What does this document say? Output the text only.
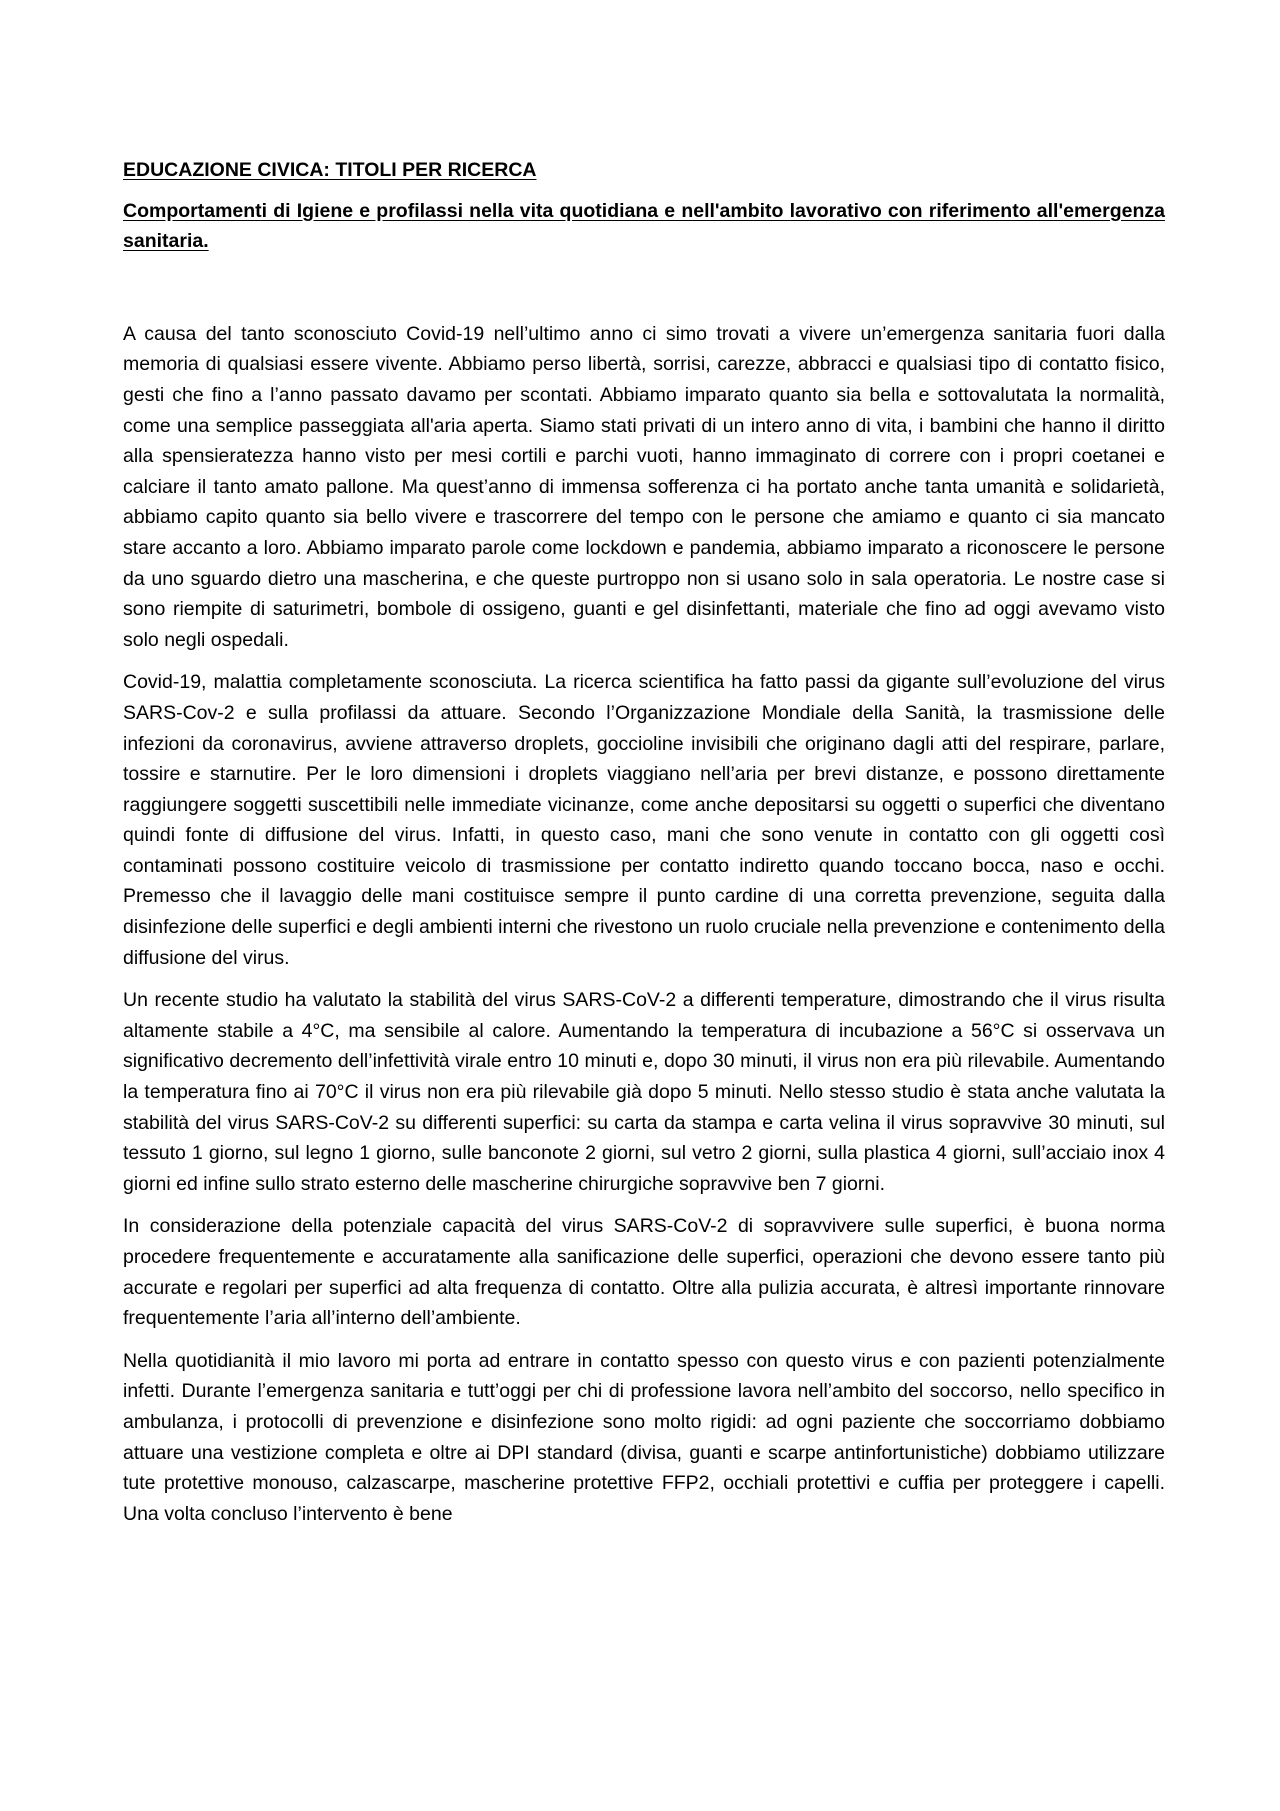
EDUCAZIONE CIVICA: TITOLI PER RICERCA
Comportamenti di Igiene e profilassi nella vita quotidiana e nell'ambito lavorativo con riferimento all'emergenza sanitaria.

A causa del tanto sconosciuto Covid-19 nell’ultimo anno ci simo trovati a vivere un’emergenza sanitaria fuori dalla memoria di qualsiasi essere vivente. Abbiamo perso libertà, sorrisi, carezze, abbracci e qualsiasi tipo di contatto fisico, gesti che fino a l’anno passato davamo per scontati. Abbiamo imparato quanto sia bella e sottovalutata la normalità, come una semplice passeggiata all'aria aperta. Siamo stati privati di un intero anno di vita, i bambini che hanno il diritto alla spensieratezza hanno visto per mesi cortili e parchi vuoti, hanno immaginato di correre con i propri coetanei e calciare il tanto amato pallone. Ma quest’anno di immensa sofferenza ci ha portato anche tanta umanità e solidarietà, abbiamo capito quanto sia bello vivere e trascorrere del tempo con le persone che amiamo e quanto ci sia mancato stare accanto a loro. Abbiamo imparato parole come lockdown e pandemia, abbiamo imparato a riconoscere le persone da uno sguardo dietro una mascherina, e che queste purtroppo non si usano solo in sala operatoria. Le nostre case si sono riempite di saturimetri, bombole di ossigeno, guanti e gel disinfettanti, materiale che fino ad oggi avevamo visto solo negli ospedali.

Covid-19, malattia completamente sconosciuta. La ricerca scientifica ha fatto passi da gigante sull’evoluzione del virus SARS-Cov-2 e sulla profilassi da attuare. Secondo l’Organizzazione Mondiale della Sanità, la trasmissione delle infezioni da coronavirus, avviene attraverso droplets, goccioline invisibili che originano dagli atti del respirare, parlare, tossire e starnutire. Per le loro dimensioni i droplets viaggiano nell’aria per brevi distanze, e possono direttamente raggiungere soggetti suscettibili nelle immediate vicinanze, come anche depositarsi su oggetti o superfici che diventano quindi fonte di diffusione del virus. Infatti, in questo caso, mani che sono venute in contatto con gli oggetti così contaminati possono costituire veicolo di trasmissione per contatto indiretto quando toccano bocca, naso e occhi. Premesso che il lavaggio delle mani costituisce sempre il punto cardine di una corretta prevenzione, seguita dalla disinfezione delle superfici e degli ambienti interni che rivestono un ruolo cruciale nella prevenzione e contenimento della diffusione del virus.

Un recente studio ha valutato la stabilità del virus SARS-CoV-2 a differenti temperature, dimostrando che il virus risulta altamente stabile a 4°C, ma sensibile al calore. Aumentando la temperatura di incubazione a 56°C si osservava un significativo decremento dell’infettività virale entro 10 minuti e, dopo 30 minuti, il virus non era più rilevabile. Aumentando la temperatura fino ai 70°C il virus non era più rilevabile già dopo 5 minuti. Nello stesso studio è stata anche valutata la stabilità del virus SARS-CoV-2 su differenti superfici: su carta da stampa e carta velina il virus sopravvive 30 minuti, sul tessuto 1 giorno, sul legno 1 giorno, sulle banconote 2 giorni, sul vetro 2 giorni, sulla plastica 4 giorni, sull’acciaio inox 4 giorni ed infine sullo strato esterno delle mascherine chirurgiche sopravvive ben 7 giorni.

In considerazione della potenziale capacità del virus SARS-CoV-2 di sopravvivere sulle superfici, è buona norma procedere frequentemente e accuratamente alla sanificazione delle superfici, operazioni che devono essere tanto più accurate e regolari per superfici ad alta frequenza di contatto. Oltre alla pulizia accurata, è altresì importante rinnovare frequentemente l’aria all’interno dell’ambiente.

Nella quotidianità il mio lavoro mi porta ad entrare in contatto spesso con questo virus e con pazienti potenzialmente infetti. Durante l’emergenza sanitaria e tutt’oggi per chi di professione lavora nell’ambito del soccorso, nello specifico in ambulanza, i protocolli di prevenzione e disinfezione sono molto rigidi: ad ogni paziente che soccorriamo dobbiamo attuare una vestizione completa e oltre ai DPI standard (divisa, guanti e scarpe antinfortunistiche) dobbiamo utilizzare tute protettive monouso, calzascarpe, mascherine protettive FFP2, occhiali protettivi e cuffia per proteggere i capelli. Una volta concluso l’intervento è bene
